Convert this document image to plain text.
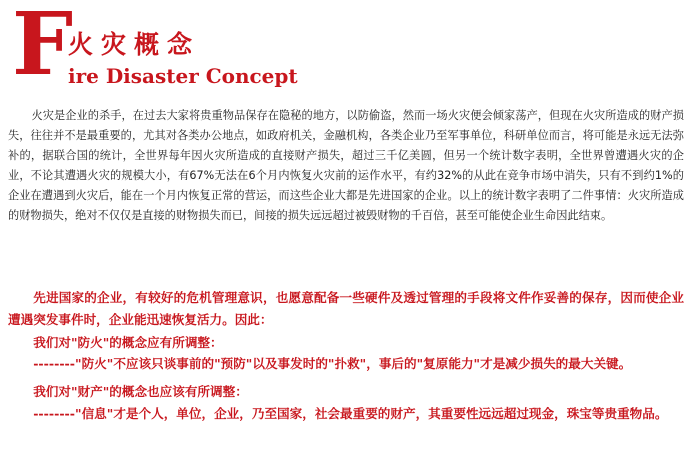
F
火灾概念
ire Disaster Concept

火灾是企业的杀手，在过去大家将贵重物品保存在隐秘的地方，以防偷盗，然而一场火灾便会倾家荡产，但现在火灾所造成的财产损失，往往并不是最重要的，尤其对各类办公地点，如政府机关，金融机构，各类企业乃至军事单位，科研单位而言，将可能是永远无法弥补的，据联合国的统计，全世界每年因火灾所造成的直接财产损失，超过三千亿美圆，但另一个统计数字表明，全世界曾遭遇火灾的企业，不论其遭遇火灾的规模大小，有67%无法在6个月内恢复火灾前的运作水平，有约32%的从此在竞争市场中消失，只有不到约1%的企业在遭遇到火灾后，能在一个月内恢复正常的营运，而这些企业大都是先进国家的企业。以上的统计数字表明了二件事情：火灾所造成的财物损失，绝对不仅仅是直接的财物损失而已，间接的损失远远超过被毁财物的千百倍，甚至可能使企业生命因此结束。

先进国家的企业，有较好的危机管理意识，也愿意配备一些硬件及透过管理的手段将文件作妥善的保存，因而使企业遭遇突发事件时，企业能迅速恢复活力。因此：

我们对"防火"的概念应有所调整：

--------"防火"不应该只谈事前的"预防"以及事发时的"扑救"，事后的"复原能力"才是减少损失的最大关键。

我们对"财产"的概念也应该有所调整：

--------"信息"才是个人，单位，企业，乃至国家，社会最重要的财产，其重要性远远超过现金，珠宝等贵重物品。
